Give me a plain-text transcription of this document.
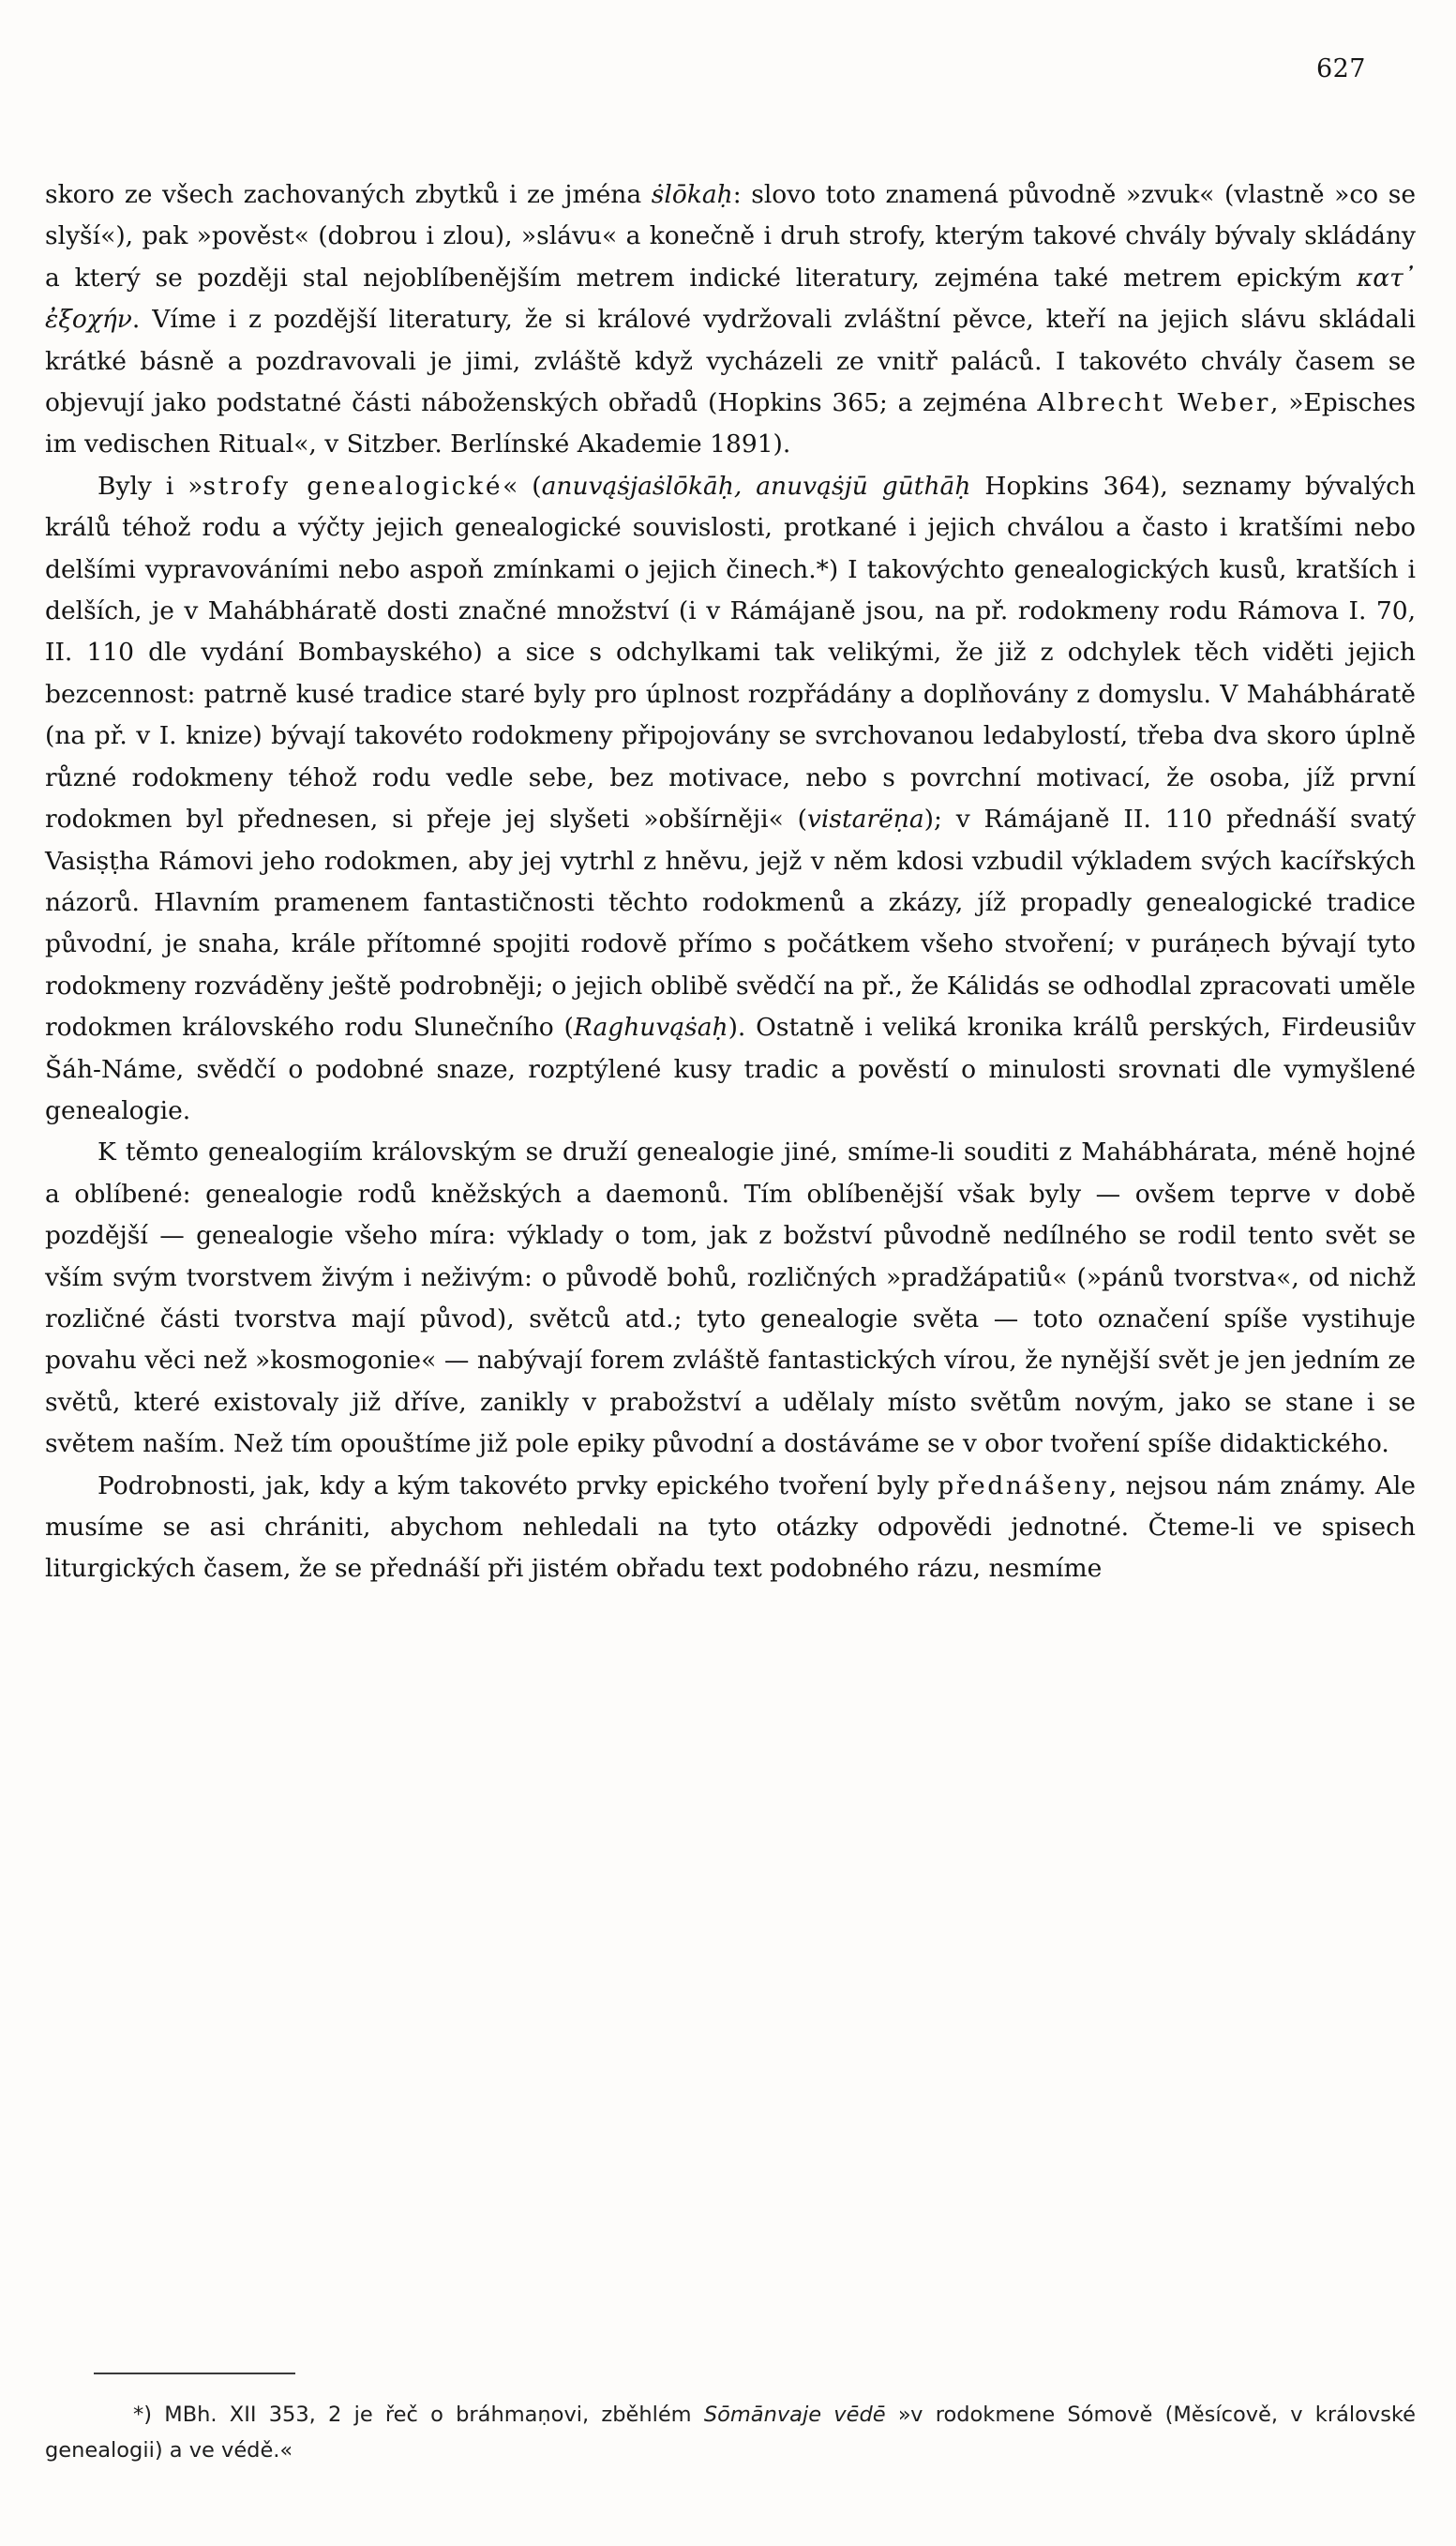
627

skoro ze všech zachovaných zbytků i ze jména ṡlōkaḥ: slovo toto znamená původně »zvuk« (vlastně »co se slyší«), pak »pověst« (dobrou i zlou), »slávu« a konečně i druh strofy, kterým takové chvály bývaly skládány a který se později stal nejoblíbenějším metrem indické literatury, zejména také metrem epickým κατ᾿ ἐξοχήν. Víme i z pozdější literatury, že si králové vydržovali zvláštní pěvce, kteří na jejich slávu skládali krátké básně a pozdravovali je jimi, zvláště když vycházeli ze vnitř paláců. I takovéto chvály časem se objevují jako podstatné části náboženských obřadů (Hopkins 365; a zejména Albrecht Weber, »Episches im vedischen Ritual«, v Sitzber. Berlínské Akademie 1891).

Byly i »strofy genealogické« (anuvąṡjaṡlōkāḥ, anuvąṡjū gūthāḥ Hopkins 364), seznamy bývalých králů téhož rodu a výčty jejich genealogické souvislosti, protkané i jejich chválou a často i kratšími nebo delšími vypravováními nebo aspoň zmínkami o jejich činech.*) I takovýchto genealogických kusů, kratších i delších, je v Mahábháratě dosti značné množství (i v Rámájaně jsou, na př. rodokmeny rodu Rámova I. 70, II. 110 dle vydání Bombayského) a sice s odchylkami tak velikými, že již z odchylek těch viděti jejich bezcennost: patrně kusé tradice staré byly pro úplnost rozpřádány a doplňovány z domyslu. V Mahábháratě (na př. v I. knize) bývají takovéto rodokmeny připojovány se svrchovanou ledabylostí, třeba dva skoro úplně různé rodokmeny téhož rodu vedle sebe, bez motivace, nebo s povrchní motivací, že osoba, jíž první rodokmen byl přednesen, si přeje jej slyšeti »obšírněji« (vistarëṇa); v Rámájaně II. 110 přednáší svatý Vasiṣṭha Rámovi jeho rodokmen, aby jej vytrhl z hněvu, jejž v něm kdosi vzbudil výkladem svých kacířských názorů. Hlavním pramenem fantastičnosti těchto rodokmenů a zkázy, jíž propadly genealogické tradice původní, je snaha, krále přítomné spojiti rodově přímo s počátkem všeho stvoření; v puráṇech bývají tyto rodokmeny rozváděny ještě podrobněji; o jejich oblibě svědčí na př., že Kálidás se odhodlal zpracovati uměle rodokmen královského rodu Slunečního (Raghuvąṡaḥ). Ostatně i veliká kronika králů perských, Firdeusiův Šáh-Náme, svědčí o podobné snaze, rozptýlené kusy tradic a pověstí o minulosti srovnati dle vymyšlené genealogie.

K těmto genealogiím královským se druží genealogie jiné, smíme-li souditi z Mahábhárata, méně hojné a oblíbené: genealogie rodů kněžských a daemonů. Tím oblíbenější však byly — ovšem teprve v době pozdější — genealogie všeho míra: výklady o tom, jak z božství původně nedílného se rodil tento svět se vším svým tvorstvem živým i neživým: o původě bohů, rozličných »pradžápatiů« (»pánů tvorstva«, od nichž rozličné části tvorstva mají původ), světců atd.; tyto genealogie světa — toto označení spíše vystihuje povahu věci než »kosmogonie« — nabývají forem zvláště fantastických vírou, že nynější svět je jen jedním ze světů, které existovaly již dříve, zanikly v prabožství a udělaly místo světům novým, jako se stane i se světem naším. Než tím opouštíme již pole epiky původní a dostáváme se v obor tvoření spíše didaktického.

Podrobnosti, jak, kdy a kým takovéto prvky epického tvoření byly přednášeny, nejsou nám známy. Ale musíme se asi chrániti, abychom nehledali na tyto otázky odpovědi jednotné. Čteme-li ve spisech liturgických časem, že se přednáší při jistém obřadu text podobného rázu, nesmíme

*) MBh. XII 353, 2 je řeč o bráhmaṇovi, zběhlém Sōmānvaje vēdē »v rodokmene Sómově (Měsícově, v královské genealogii) a ve védě.«
